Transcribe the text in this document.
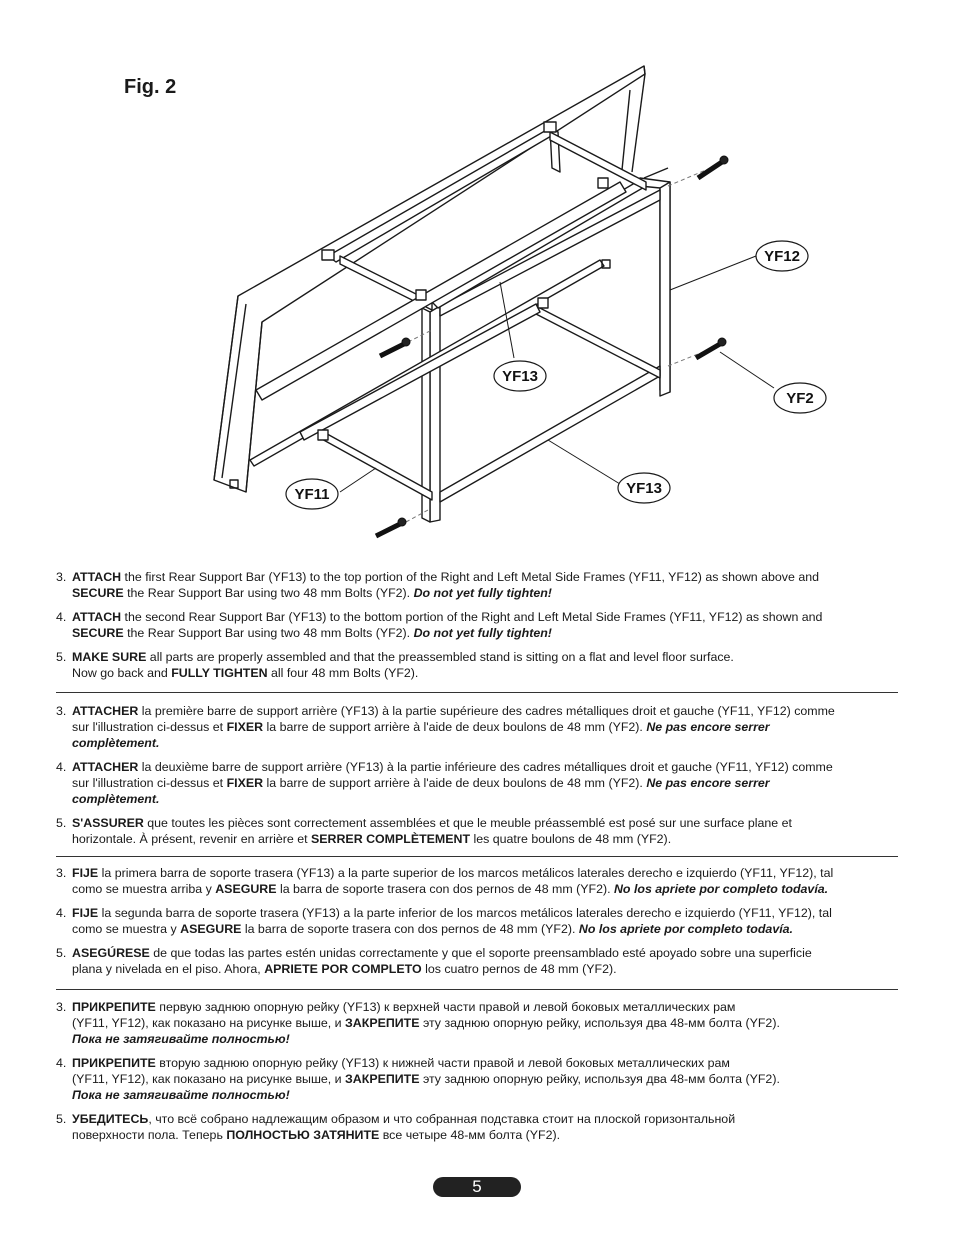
Fig. 2
YF12
YF2
YF13
YF13
YF11
3. ATTACH the first Rear Support Bar (YF13) to the top portion of the Right and Left Metal Side Frames (YF11, YF12) as shown above and
SECURE the Rear Support Bar using two 48 mm Bolts (YF2). Do not yet fully tighten!
4. ATTACH the second Rear Support Bar (YF13) to the bottom portion of the Right and Left Metal Side Frames (YF11, YF12) as shown and
SECURE the Rear Support Bar using two 48 mm Bolts (YF2). Do not yet fully tighten!
5. MAKE SURE all parts are properly assembled and that the preassembled stand is sitting on a flat and level floor surface.
Now go back and FULLY TIGHTEN all four 48 mm Bolts (YF2).
3. ATTACHER la première barre de support arrière (YF13) à la partie supérieure des cadres métalliques droit et gauche (YF11, YF12) comme
sur l'illustration ci-dessus et FIXER la barre de support arrière à l'aide de deux boulons de 48 mm (YF2). Ne pas encore serrer
complètement.
4. ATTACHER la deuxième barre de support arrière (YF13) à la partie inférieure des cadres métalliques droit et gauche (YF11, YF12) comme
sur l'illustration ci-dessus et FIXER la barre de support arrière à l'aide de deux boulons de 48 mm (YF2). Ne pas encore serrer
complètement.
5. S'ASSURER que toutes les pièces sont correctement assemblées et que le meuble préassemblé est posé sur une surface plane et
horizontale. À présent, revenir en arrière et SERRER COMPLÈTEMENT les quatre boulons de 48 mm (YF2).
3. FIJE la primera barra de soporte trasera (YF13) a la parte superior de los marcos metálicos laterales derecho e izquierdo (YF11, YF12), tal
como se muestra arriba y ASEGURE la barra de soporte trasera con dos pernos de 48 mm (YF2). No los apriete por completo todavía.
4. FIJE la segunda barra de soporte trasera (YF13) a la parte inferior de los marcos metálicos laterales derecho e izquierdo (YF11, YF12), tal
como se muestra y ASEGURE la barra de soporte trasera con dos pernos de 48 mm (YF2). No los apriete por completo todavía.
5. ASEGÚRESE de que todas las partes estén unidas correctamente y que el soporte preensamblado esté apoyado sobre una superficie
plana y nivelada en el piso. Ahora, APRIETE POR COMPLETO los cuatro pernos de 48 mm (YF2).
3. ПРИКРЕПИТЕ первую заднюю опорную рейку (YF13) к верхней части правой и левой боковых металлических рам
(YF11, YF12), как показано на рисунке выше, и ЗАКРЕПИТЕ эту заднюю опорную рейку, используя два 48-мм болта (YF2).
Пока не затягивайте полностью!
4. ПРИКРЕПИТЕ вторую заднюю опорную рейку (YF13) к нижней части правой и левой боковых металлических рам
(YF11, YF12), как показано на рисунке выше, и ЗАКРЕПИТЕ эту заднюю опорную рейку, используя два 48-мм болта (YF2).
Пока не затягивайте полностью!
5. УБЕДИТЕСЬ, что всё собрано надлежащим образом и что собранная подставка стоит на плоской горизонтальной
поверхности пола. Теперь ПОЛНОСТЬЮ ЗАТЯНИТЕ все четыре 48-мм болта (YF2).
5
